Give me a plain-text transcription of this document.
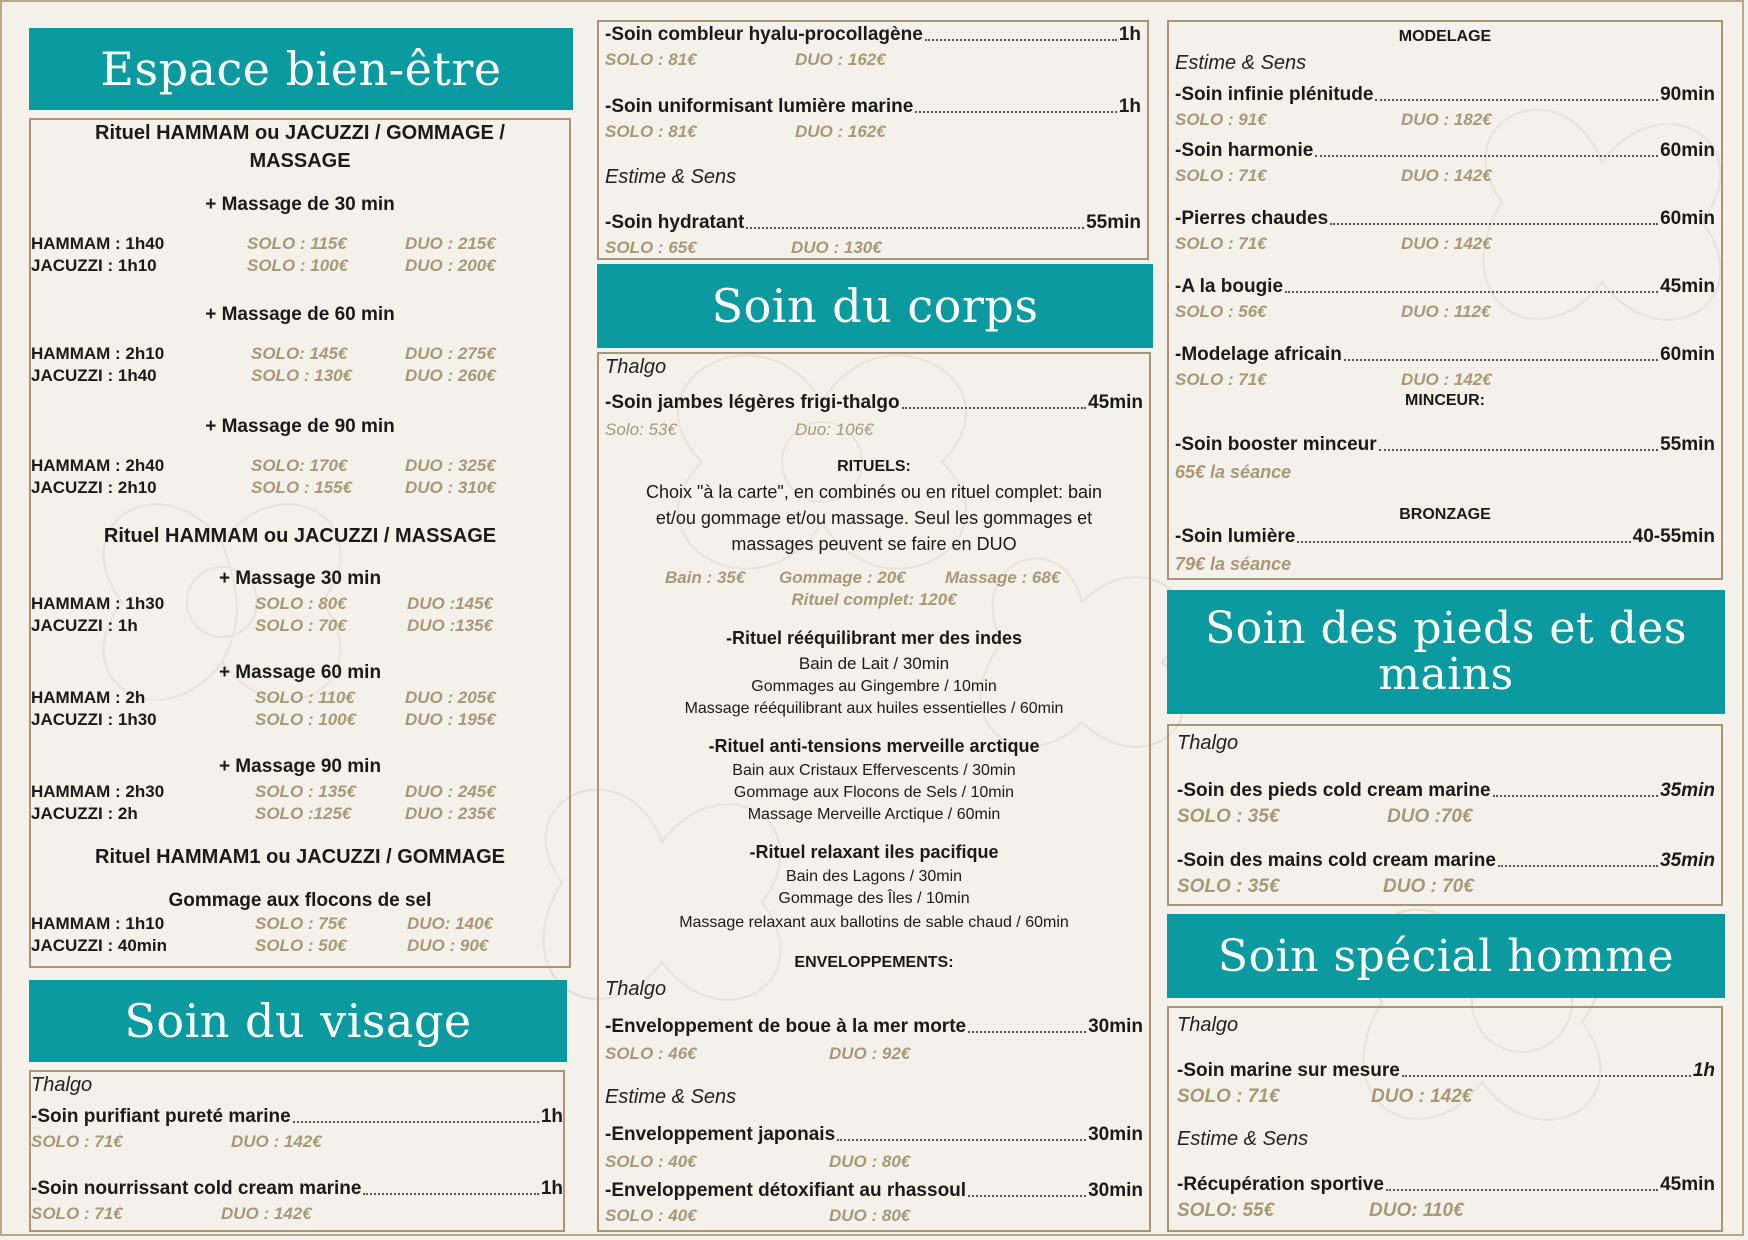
Espace bien-être
Rituel HAMMAM ou JACUZZI / GOMMAGE /
MASSAGE
+ Massage de 30 min
HAMMAM : 1h40	SOLO : 115€	DUO : 215€
JACUZZI : 1h10	SOLO : 100€	DUO : 200€
+ Massage de 60 min
HAMMAM : 2h10	SOLO: 145€	DUO : 275€
JACUZZI : 1h40	SOLO : 130€	DUO : 260€
+ Massage de 90 min
HAMMAM : 2h40	SOLO: 170€	DUO : 325€
JACUZZI : 2h10	SOLO : 155€	DUO : 310€
Rituel HAMMAM ou JACUZZI / MASSAGE
+ Massage 30 min
HAMMAM : 1h30	SOLO : 80€	DUO :145€
JACUZZI : 1h	SOLO : 70€	DUO :135€
+ Massage 60 min
HAMMAM : 2h	SOLO : 110€	DUO : 205€
JACUZZI : 1h30	SOLO : 100€	DUO : 195€
+ Massage 90 min
HAMMAM : 2h30	SOLO : 135€	DUO : 245€
JACUZZI : 2h	SOLO :125€	DUO : 235€
Rituel HAMMAM1 ou JACUZZI / GOMMAGE
Gommage aux flocons de sel
HAMMAM : 1h10	SOLO : 75€	DUO: 140€
JACUZZI : 40min	SOLO : 50€	DUO : 90€
Soin du visage
Thalgo
-Soin purifiant pureté marine	1h
SOLO : 71€	DUO : 142€
-Soin nourrissant cold cream marine	1h
SOLO : 71€	DUO : 142€
-Soin combleur hyalu-procollagène	1h
SOLO : 81€	DUO : 162€
-Soin uniformisant lumière marine	1h
SOLO : 81€	DUO : 162€
Estime & Sens
-Soin hydratant	55min
SOLO : 65€	DUO : 130€
Soin du corps
Thalgo
-Soin jambes légères frigi-thalgo	45min
Solo: 53€	Duo: 106€
RITUELS:
Choix "à la carte", en combinés ou en rituel complet: bain
et/ou gommage et/ou massage. Seul les gommages et
massages peuvent se faire en DUO
Bain : 35€ Gommage : 20€ Massage : 68€
Rituel complet: 120€
-Rituel rééquilibrant mer des indes
Bain de Lait / 30min
Gommages au Gingembre / 10min
Massage rééquilibrant aux huiles essentielles / 60min
-Rituel anti-tensions merveille arctique
Bain aux Cristaux Effervescents / 30min
Gommage aux Flocons de Sels / 10min
Massage Merveille Arctique / 60min
-Rituel relaxant iles pacifique
Bain des Lagons / 30min
Gommage des Îles / 10min
Massage relaxant aux ballotins de sable chaud / 60min
ENVELOPPEMENTS:
Thalgo
-Enveloppement de boue à la mer morte	30min
SOLO : 46€	DUO : 92€
Estime & Sens
-Enveloppement japonais	30min
SOLO : 40€	DUO : 80€
-Enveloppement détoxifiant au rhassoul	30min
SOLO : 40€	DUO : 80€
MODELAGE
Estime & Sens
-Soin infinie plénitude	90min
SOLO : 91€	DUO : 182€
-Soin harmonie	60min
SOLO : 71€	DUO : 142€
-Pierres chaudes	60min
SOLO : 71€	DUO : 142€
-A la bougie	45min
SOLO : 56€	DUO : 112€
-Modelage africain	60min
SOLO : 71€	DUO : 142€
MINCEUR:
-Soin booster minceur	55min
65€ la séance
BRONZAGE
-Soin lumière	40-55min
79€ la séance
Soin des pieds et des
mains
Thalgo
-Soin des pieds cold cream marine	35min
SOLO : 35€	DUO :70€
-Soin des mains cold cream marine	35min
SOLO : 35€	DUO : 70€
Soin spécial homme
Thalgo
-Soin marine sur mesure	1h
SOLO : 71€	DUO : 142€
Estime & Sens
-Récupération sportive	45min
SOLO: 55€	DUO: 110€
